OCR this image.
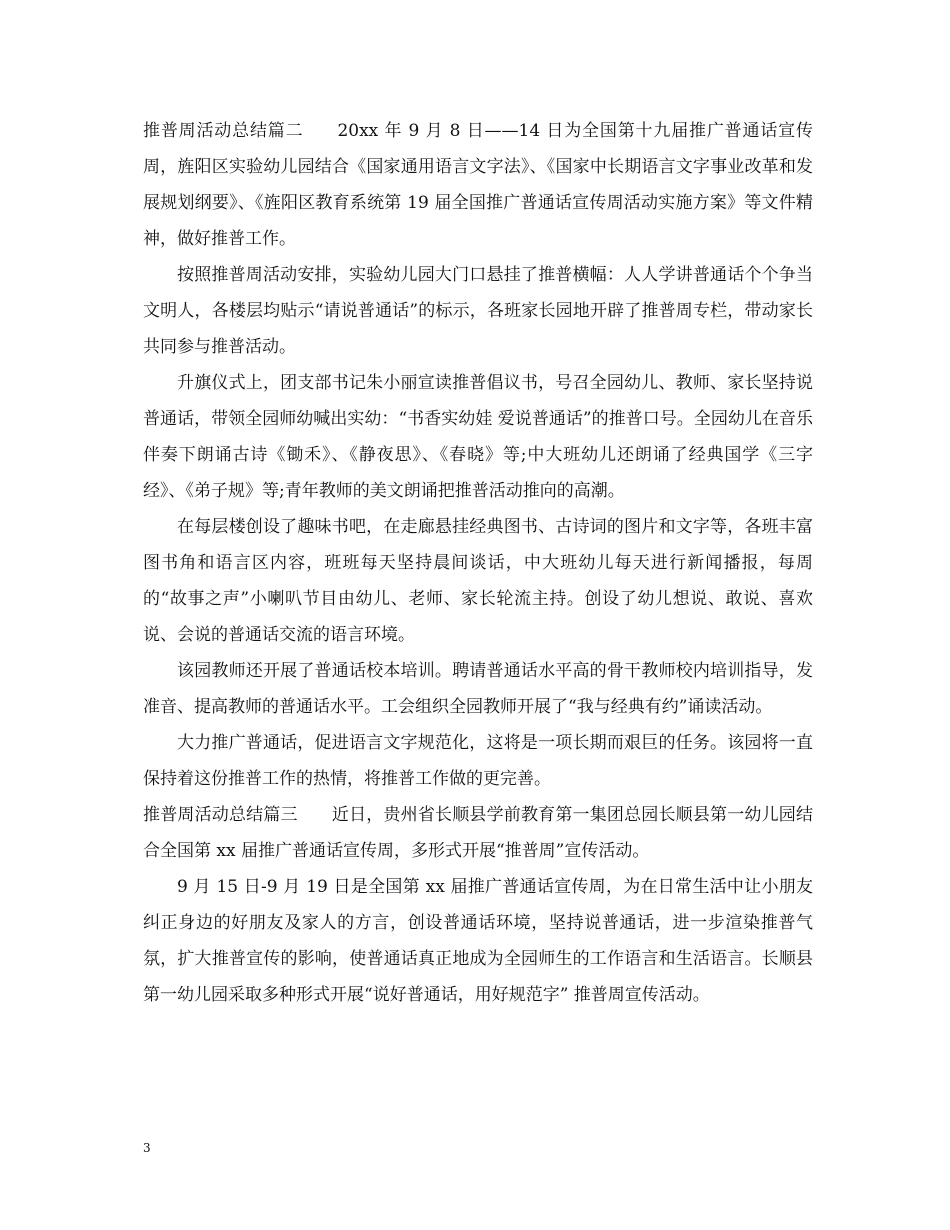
推普周活动总结篇二 20xx 年 9 月 8 日——14 日为全国第十九届推广普通话宣传周，旌阳区实验幼儿园结合《国家通用语言文字法》、《国家中长期语言文字事业改革和发展规划纲要》、《旌阳区教育系统第 19 届全国推广普通话宣传周活动实施方案》等文件精神，做好推普工作。

按照推普周活动安排，实验幼儿园大门口悬挂了推普横幅：人人学讲普通话个个争当文明人，各楼层均贴示“请说普通话”的标示，各班家长园地开辟了推普周专栏，带动家长共同参与推普活动。

升旗仪式上，团支部书记朱小丽宣读推普倡议书，号召全园幼儿、教师、家长坚持说普通话，带领全园师幼喊出实幼：“书香实幼娃 爱说普通话”的推普口号。全园幼儿在音乐伴奏下朗诵古诗《锄禾》、《静夜思》、《春晓》等;中大班幼儿还朗诵了经典国学《三字经》、《弟子规》等;青年教师的美文朗诵把推普活动推向的高潮。

在每层楼创设了趣味书吧，在走廊悬挂经典图书、古诗词的图片和文字等，各班丰富图书角和语言区内容，班班每天坚持晨间谈话，中大班幼儿每天进行新闻播报，每周的“故事之声”小喇叭节目由幼儿、老师、家长轮流主持。创设了幼儿想说、敢说、喜欢说、会说的普通话交流的语言环境。

该园教师还开展了普通话校本培训。聘请普通话水平高的骨干教师校内培训指导，发准音、提高教师的普通话水平。工会组织全园教师开展了“我与经典有约”诵读活动。

大力推广普通话，促进语言文字规范化，这将是一项长期而艰巨的任务。该园将一直保持着这份推普工作的热情，将推普工作做的更完善。

推普周活动总结篇三 近日，贵州省长顺县学前教育第一集团总园长顺县第一幼儿园结合全国第 xx 届推广普通话宣传周，多形式开展“推普周”宣传活动。

9 月 15 日-9 月 19 日是全国第 xx 届推广普通话宣传周，为在日常生活中让小朋友纠正身边的好朋友及家人的方言，创设普通话环境，坚持说普通话，进一步渲染推普气氛，扩大推普宣传的影响，使普通话真正地成为全园师生的工作语言和生活语言。长顺县第一幼儿园采取多种形式开展“说好普通话，用好规范字” 推普周宣传活动。

3
